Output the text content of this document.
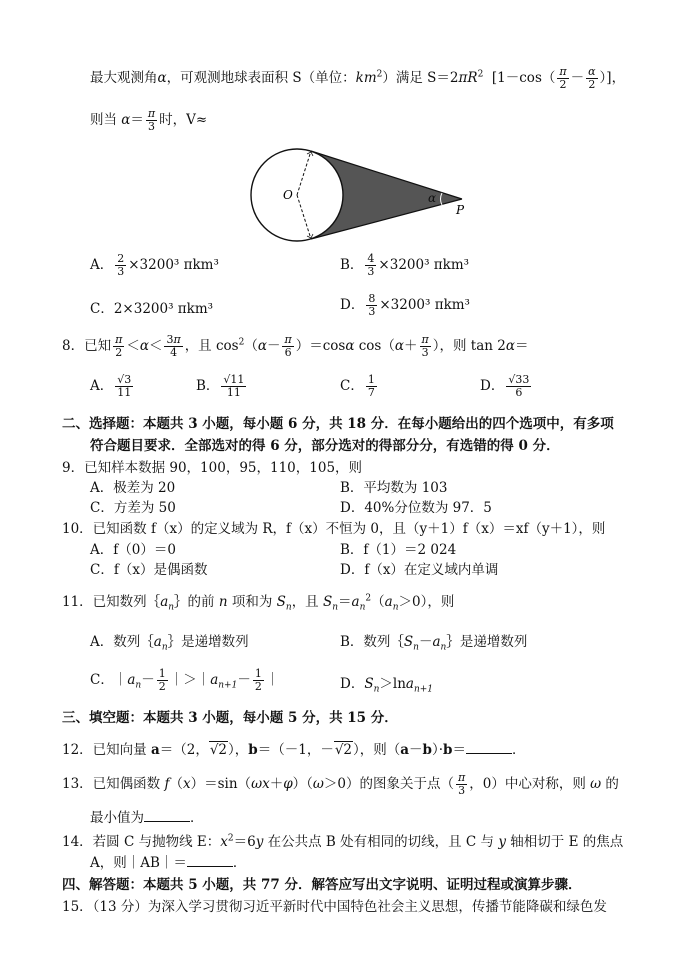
最大观测角α，可观测地球表面积 S（单位：$km^2$）满足 $S=2\pi R^2$  [$1-\cos( \frac{\pi}{2} - \frac{\alpha}{2}$ ）]，
则当 $\alpha= \frac{\pi}{3}$ 时，V≈
O	α
P
A． $\frac{2}{3} \times 3200^3$ πkm³	B． $\frac{4}{3} \times 3200^3$ πkm³
C．2×3200³ πkm³	D． $\frac{8}{3} \times 3200^3$ πkm³
8．已知 $\frac{\pi}{2} <\alpha< \frac{3\pi}{4}$ ，且 $\cos^2(\alpha- \frac{\pi}{6} )=\cos\alpha$ $\cos(\alpha+ \frac{\pi}{3}$ ），则 tan 2α＝
A． $\frac{√3}{11}$	B． $\frac{√11}{11}$	C． $\frac{1}{7}$	D． $\frac{√33}{6}$
二、选择题：本题共 3 小题，每小题 6 分，共 18 分．在每小题给出的四个选项中，有多项
符合题目要求．全部选对的得 6 分，部分选对的得部分分，有选错的得 0 分．
9．已知样本数据 90，100，95，110，105，则
A．极差为 20	B．平均数为 103
C．方差为 50	D．40%分位数为 97．5
10．已知函数 f（x）的定义域为 R，f（x）不恒为 0，且（y＋1）f（x）＝xf（y＋1），则
A．f（0）＝0	B．f（1）＝2 024
C．f（x）是偶函数	D．f（x）在定义域内单调
11．已知数列$\{a_n\}$的前 n 项和为 $S_n$，且 $S_n=a_n^2(a_n>0)$，则
A．数列$\{a_n\}$是递增数列	B．数列$\{S_n-a_n\}$是递增数列
C．$|a_n- \frac{1}{2}$ $|>|a_{n+1}- \frac{1}{2}$ ｜	D．$S_n>\ln a_{n+1}$
三、填空题：本题共 3 小题，每小题 5 分，共 15 分．
12．已知向量 a＝（2，√2），b＝（－1，－√2），则（a－b）·b＝	．
13．已知偶函数 f（x）＝sin（ωx＋φ）（ω＞0）的图象关于点（ $\frac{\pi}{3}$ ，0）中心对称，则 ω 的
最小值为	．
14．若圆 C 与抛物线 E：$x^2=6y$ 在公共点 B 处有相同的切线，且 C 与 y 轴相切于 E 的焦点
A，则｜AB｜＝	．
四、解答题：本题共 5 小题，共 77 分．解答应写出文字说明、证明过程或演算步骤．
15．（13 分）为深入学习贯彻习近平新时代中国特色社会主义思想，传播节能降碳和绿色发
